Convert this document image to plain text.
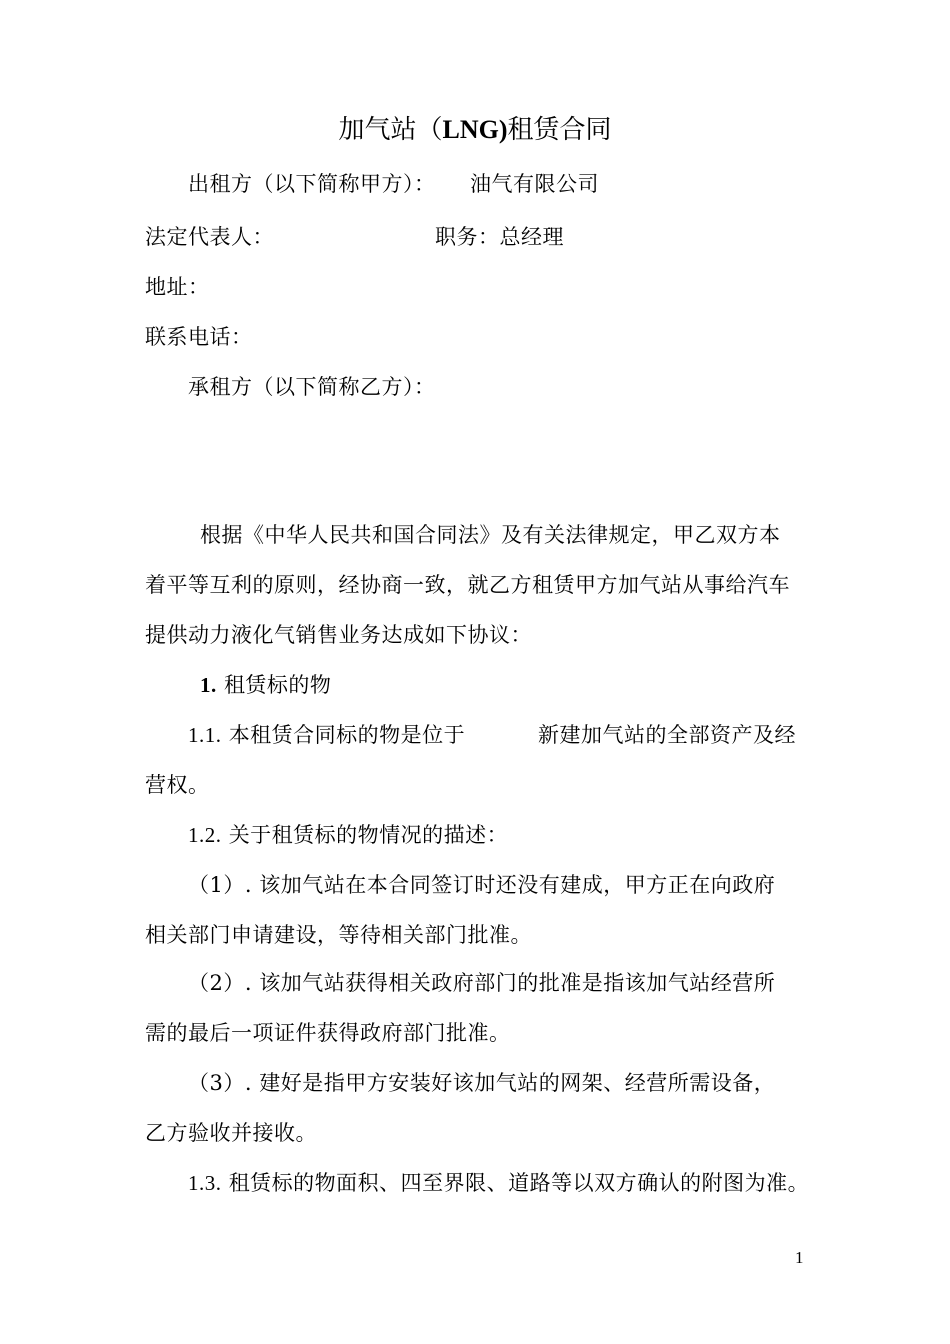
加气站（LNG)租赁合同
出租方（以下简称甲方）： 油气有限公司
法定代表人：	职务：总经理
地址：
联系电话：
承租方（以下简称乙方）：
根据《中华人民共和国合同法》及有关法律规定，甲乙双方本
着平等互利的原则，经协商一致，就乙方租赁甲方加气站从事给汽车
提供动力液化气销售业务达成如下协议：
1. 租赁标的物
1.1. 本租赁合同标的物是位于	新建加气站的全部资产及经
营权。
1.2. 关于租赁标的物情况的描述：
（1）. 该加气站在本合同签订时还没有建成，甲方正在向政府
相关部门申请建设，等待相关部门批准。
（2）. 该加气站获得相关政府部门的批准是指该加气站经营所
需的最后一项证件获得政府部门批准。
（3）. 建好是指甲方安装好该加气站的网架、经营所需设备，
乙方验收并接收。
1.3. 租赁标的物面积、四至界限、道路等以双方确认的附图为准。
1
